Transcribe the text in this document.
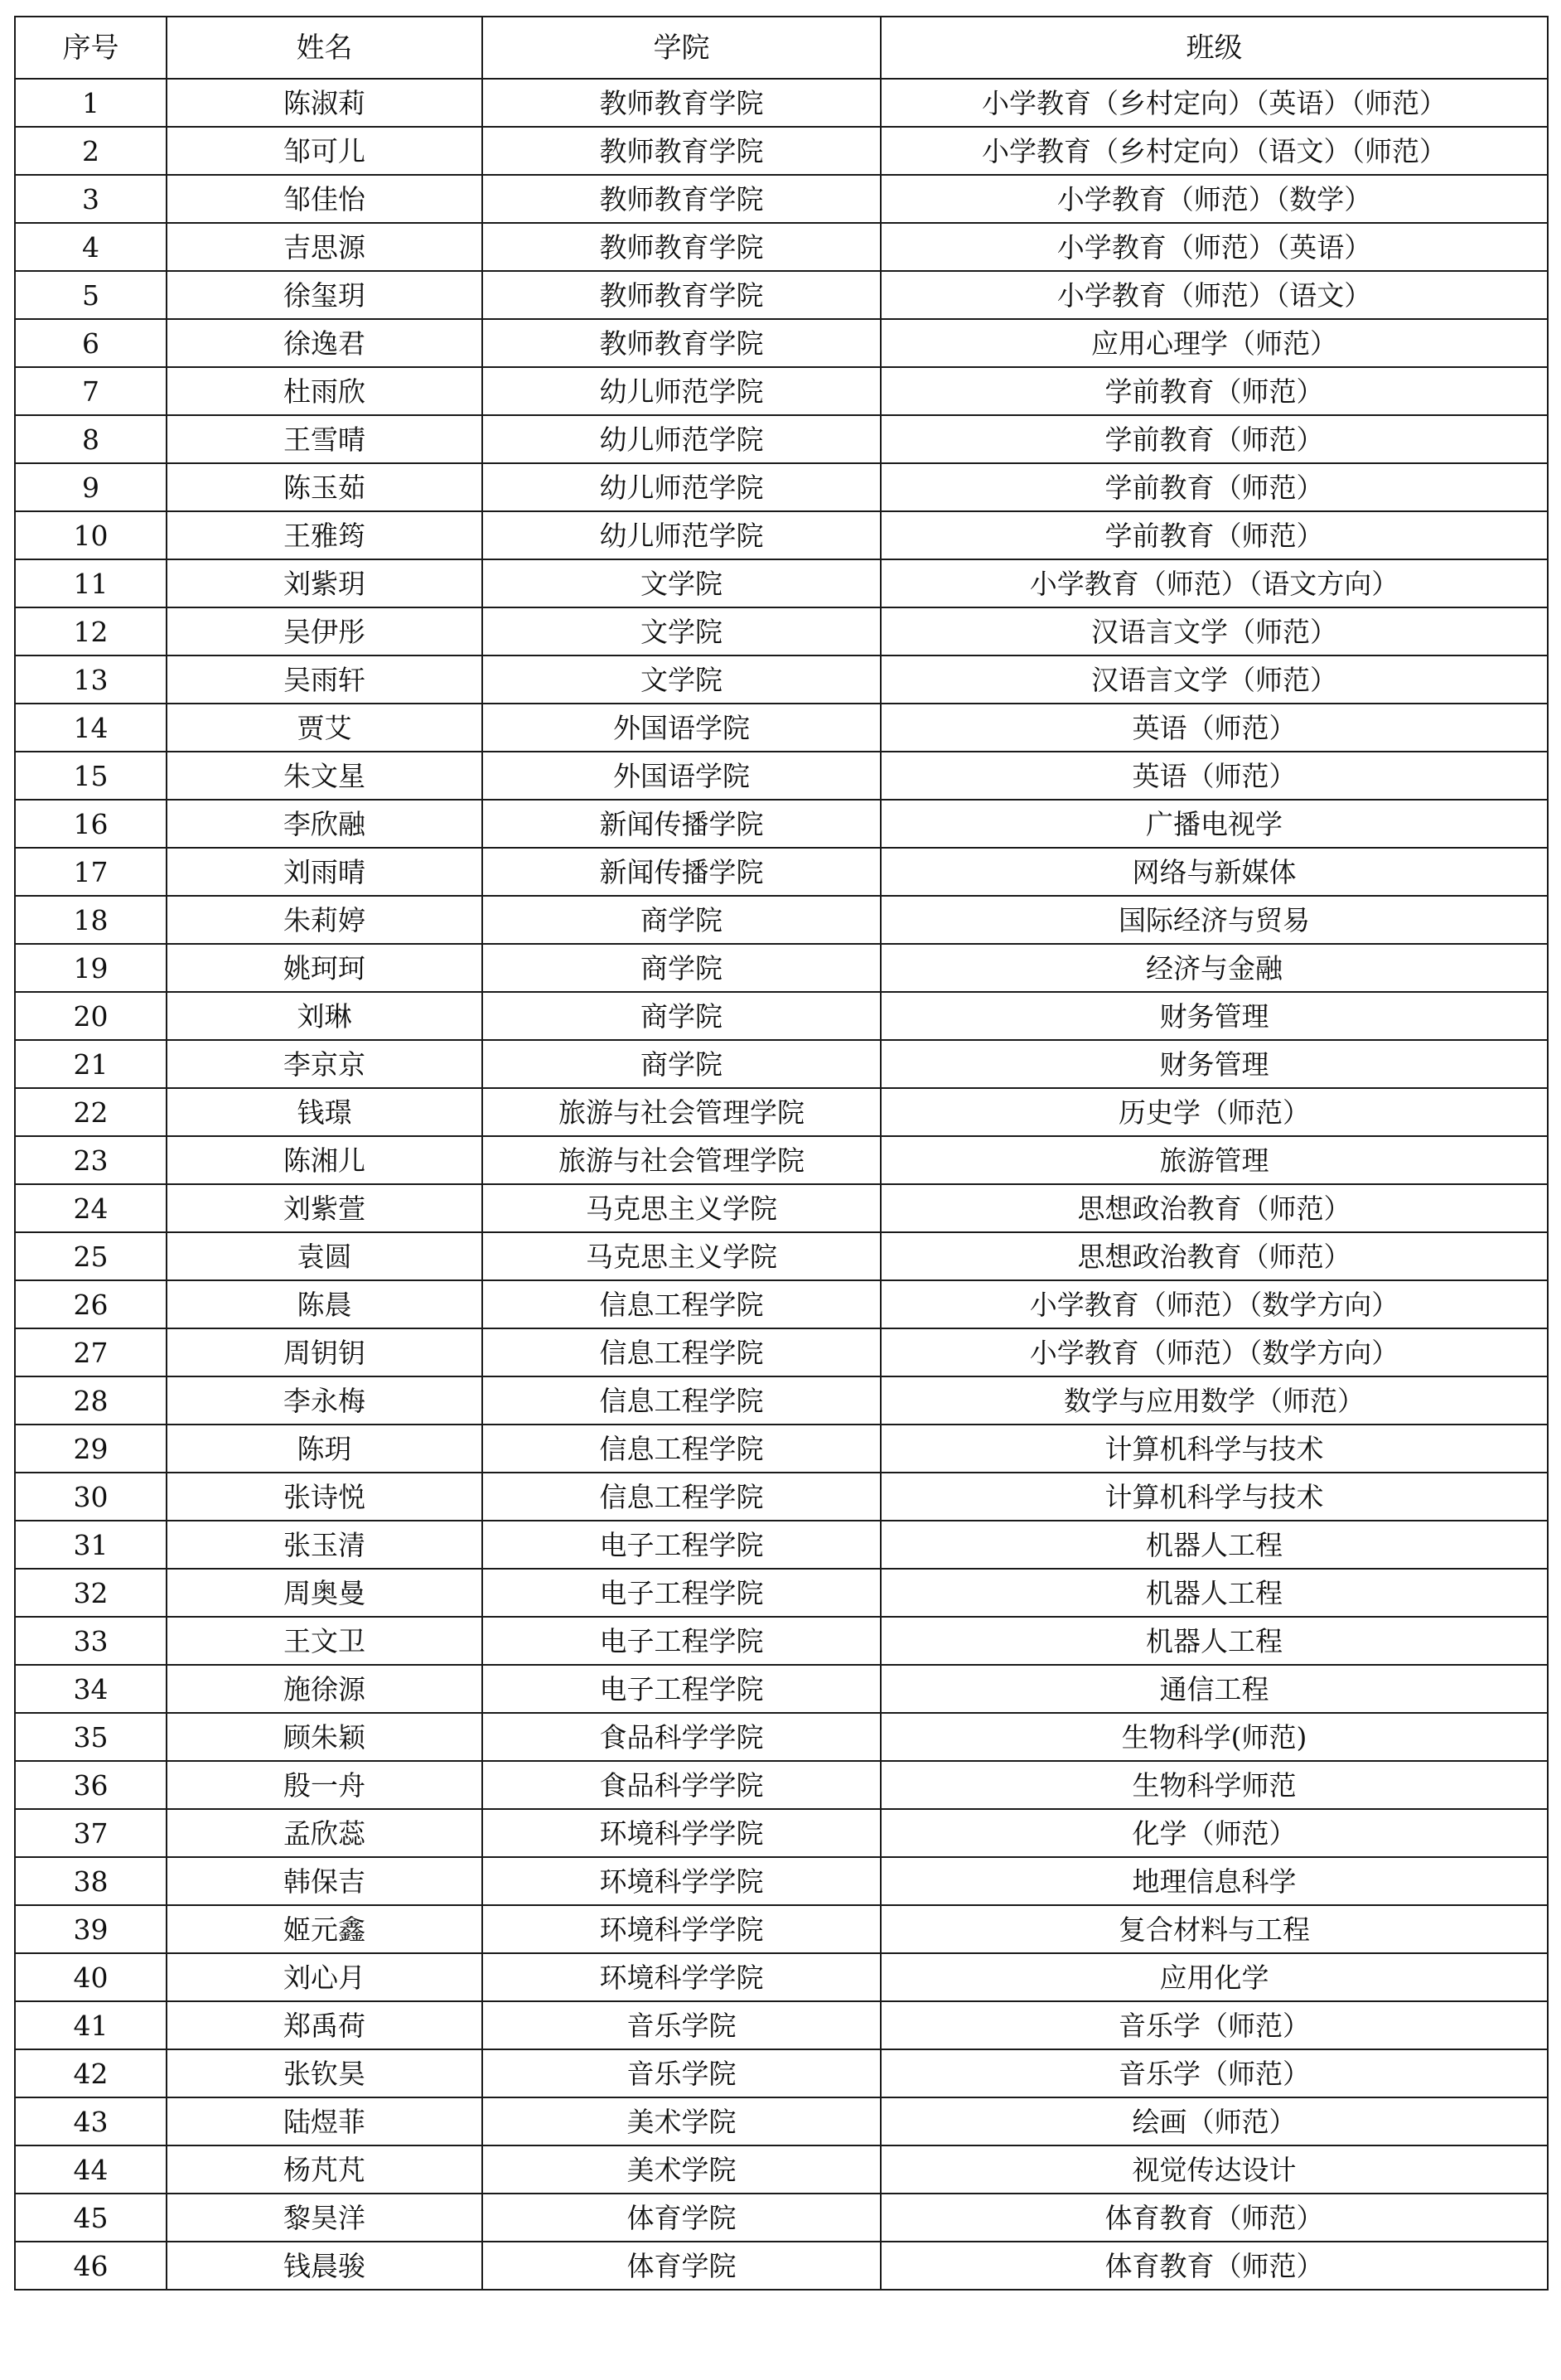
序号	姓名	学院	班级
1	陈淑莉	教师教育学院	小学教育（乡村定向）（英语）（师范）
2	邹可儿	教师教育学院	小学教育（乡村定向）（语文）（师范）
3	邹佳怡	教师教育学院	小学教育（师范）（数学）
4	吉思源	教师教育学院	小学教育（师范）（英语）
5	徐玺玥	教师教育学院	小学教育（师范）（语文）
6	徐逸君	教师教育学院	应用心理学（师范）
7	杜雨欣	幼儿师范学院	学前教育（师范）
8	王雪晴	幼儿师范学院	学前教育（师范）
9	陈玉茹	幼儿师范学院	学前教育（师范）
10	王雅筠	幼儿师范学院	学前教育（师范）
11	刘紫玥	文学院	小学教育（师范）（语文方向）
12	吴伊彤	文学院	汉语言文学（师范）
13	吴雨轩	文学院	汉语言文学（师范）
14	贾艾	外国语学院	英语（师范）
15	朱文星	外国语学院	英语（师范）
16	李欣融	新闻传播学院	广播电视学
17	刘雨晴	新闻传播学院	网络与新媒体
18	朱莉婷	商学院	国际经济与贸易
19	姚珂珂	商学院	经济与金融
20	刘琳	商学院	财务管理
21	李京京	商学院	财务管理
22	钱璟	旅游与社会管理学院	历史学（师范）
23	陈湘儿	旅游与社会管理学院	旅游管理
24	刘紫萱	马克思主义学院	思想政治教育（师范）
25	袁圆	马克思主义学院	思想政治教育（师范）
26	陈晨	信息工程学院	小学教育（师范）（数学方向）
27	周钥钥	信息工程学院	小学教育（师范）（数学方向）
28	李永梅	信息工程学院	数学与应用数学（师范）
29	陈玥	信息工程学院	计算机科学与技术
30	张诗悦	信息工程学院	计算机科学与技术
31	张玉清	电子工程学院	机器人工程
32	周奥曼	电子工程学院	机器人工程
33	王文卫	电子工程学院	机器人工程
34	施徐源	电子工程学院	通信工程
35	顾朱颖	食品科学学院	生物科学(师范)
36	殷一舟	食品科学学院	生物科学师范
37	孟欣蕊	环境科学学院	化学（师范）
38	韩保吉	环境科学学院	地理信息科学
39	姬元鑫	环境科学学院	复合材料与工程
40	刘心月	环境科学学院	应用化学
41	郑禹荷	音乐学院	音乐学（师范）
42	张钦昊	音乐学院	音乐学（师范）
43	陆煜菲	美术学院	绘画（师范）
44	杨芃芃	美术学院	视觉传达设计
45	黎昊洋	体育学院	体育教育（师范）
46	钱晨骏	体育学院	体育教育（师范）
